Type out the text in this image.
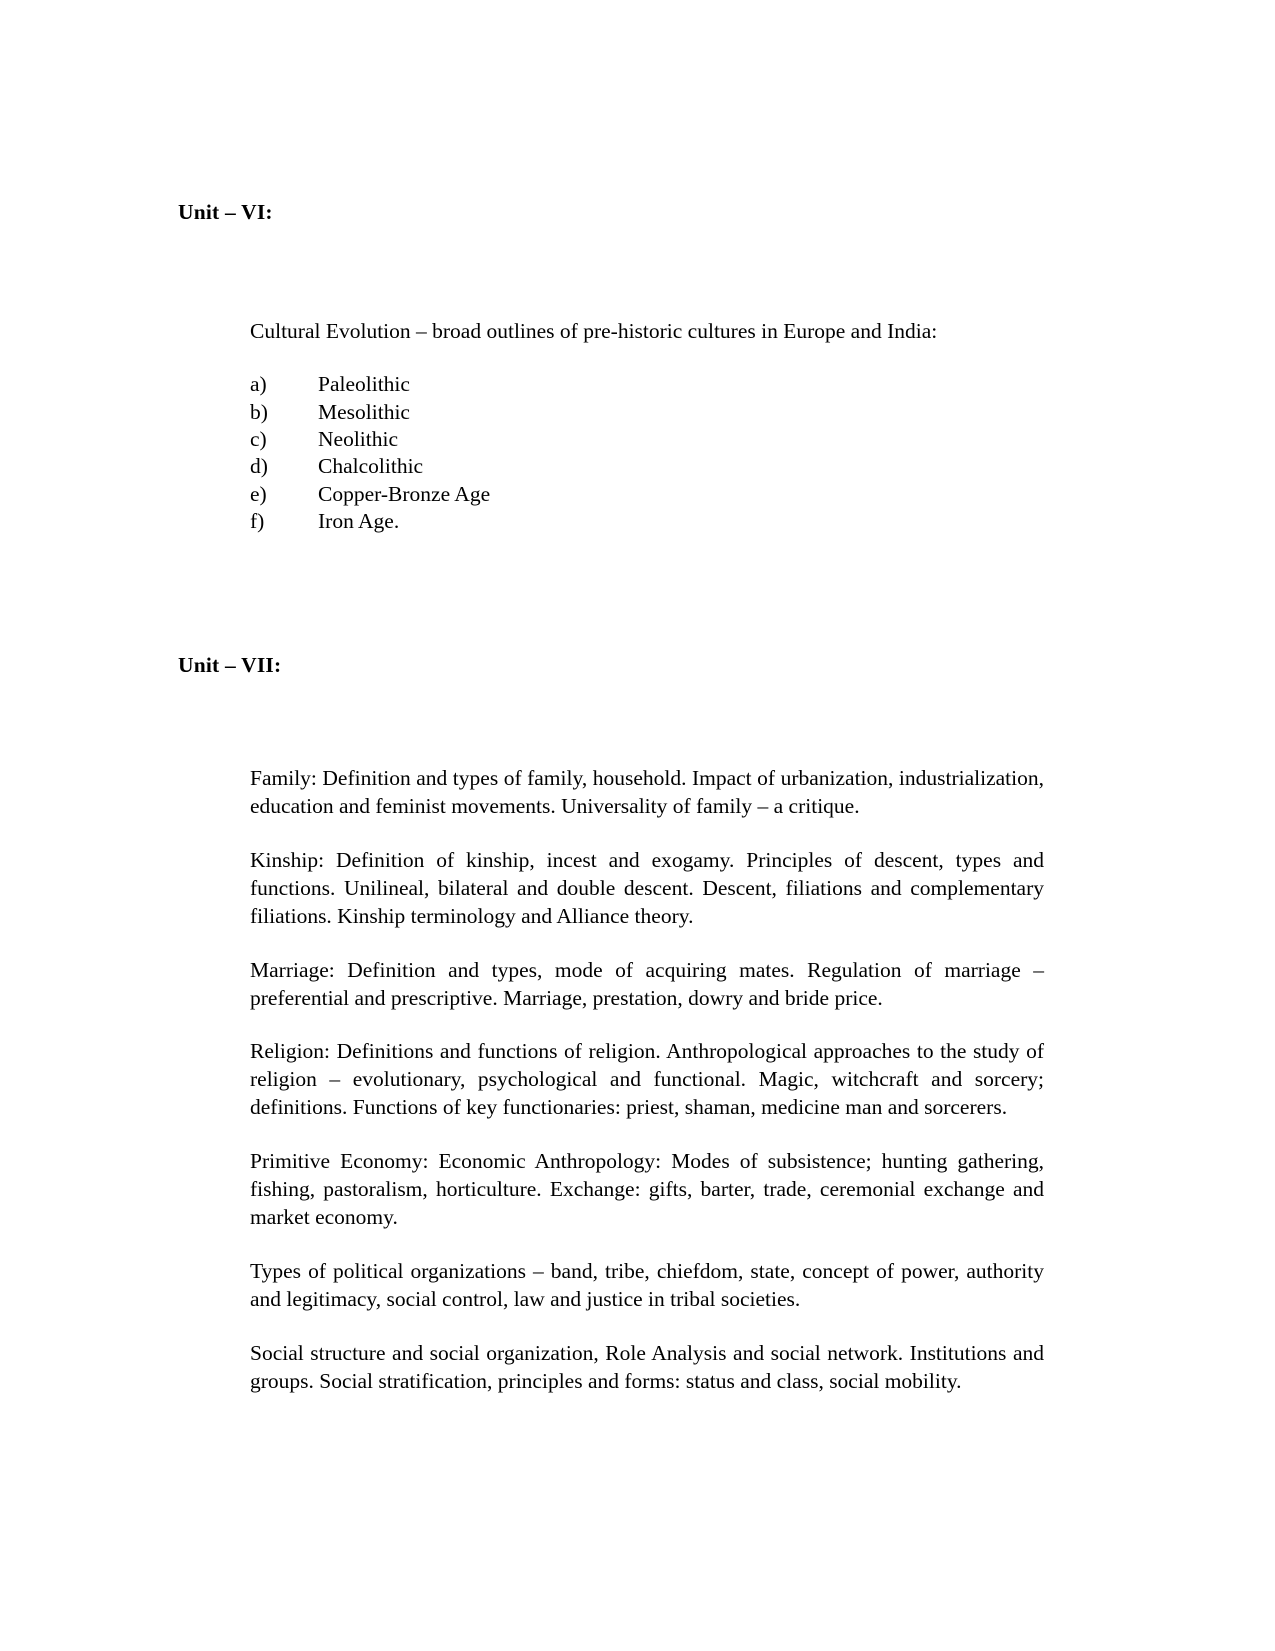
Unit – VI:

Cultural Evolution – broad outlines of pre-historic cultures in Europe and India:

a)	Paleolithic
b)	Mesolithic
c)	Neolithic
d)	Chalcolithic
e)	Copper-Bronze Age
f)	Iron Age.
Unit – VII:

Family: Definition and types of family, household. Impact of urbanization, industrialization, education and feminist movements. Universality of family – a critique.

Kinship: Definition of kinship, incest and exogamy. Principles of descent, types and functions. Unilineal, bilateral and double descent. Descent, filiations and complementary filiations. Kinship terminology and Alliance theory.

Marriage: Definition and types, mode of acquiring mates. Regulation of marriage – preferential and prescriptive. Marriage, prestation, dowry and bride price.

Religion: Definitions and functions of religion. Anthropological approaches to the study of religion – evolutionary, psychological and functional. Magic, witchcraft and sorcery; definitions. Functions of key functionaries: priest, shaman, medicine man and sorcerers.

Primitive Economy: Economic Anthropology: Modes of subsistence; hunting gathering, fishing, pastoralism, horticulture. Exchange: gifts, barter, trade, ceremonial exchange and market economy.

Types of political organizations – band, tribe, chiefdom, state, concept of power, authority and legitimacy, social control, law and justice in tribal societies.

Social structure and social organization, Role Analysis and social network. Institutions and groups. Social stratification, principles and forms: status and class, social mobility.
